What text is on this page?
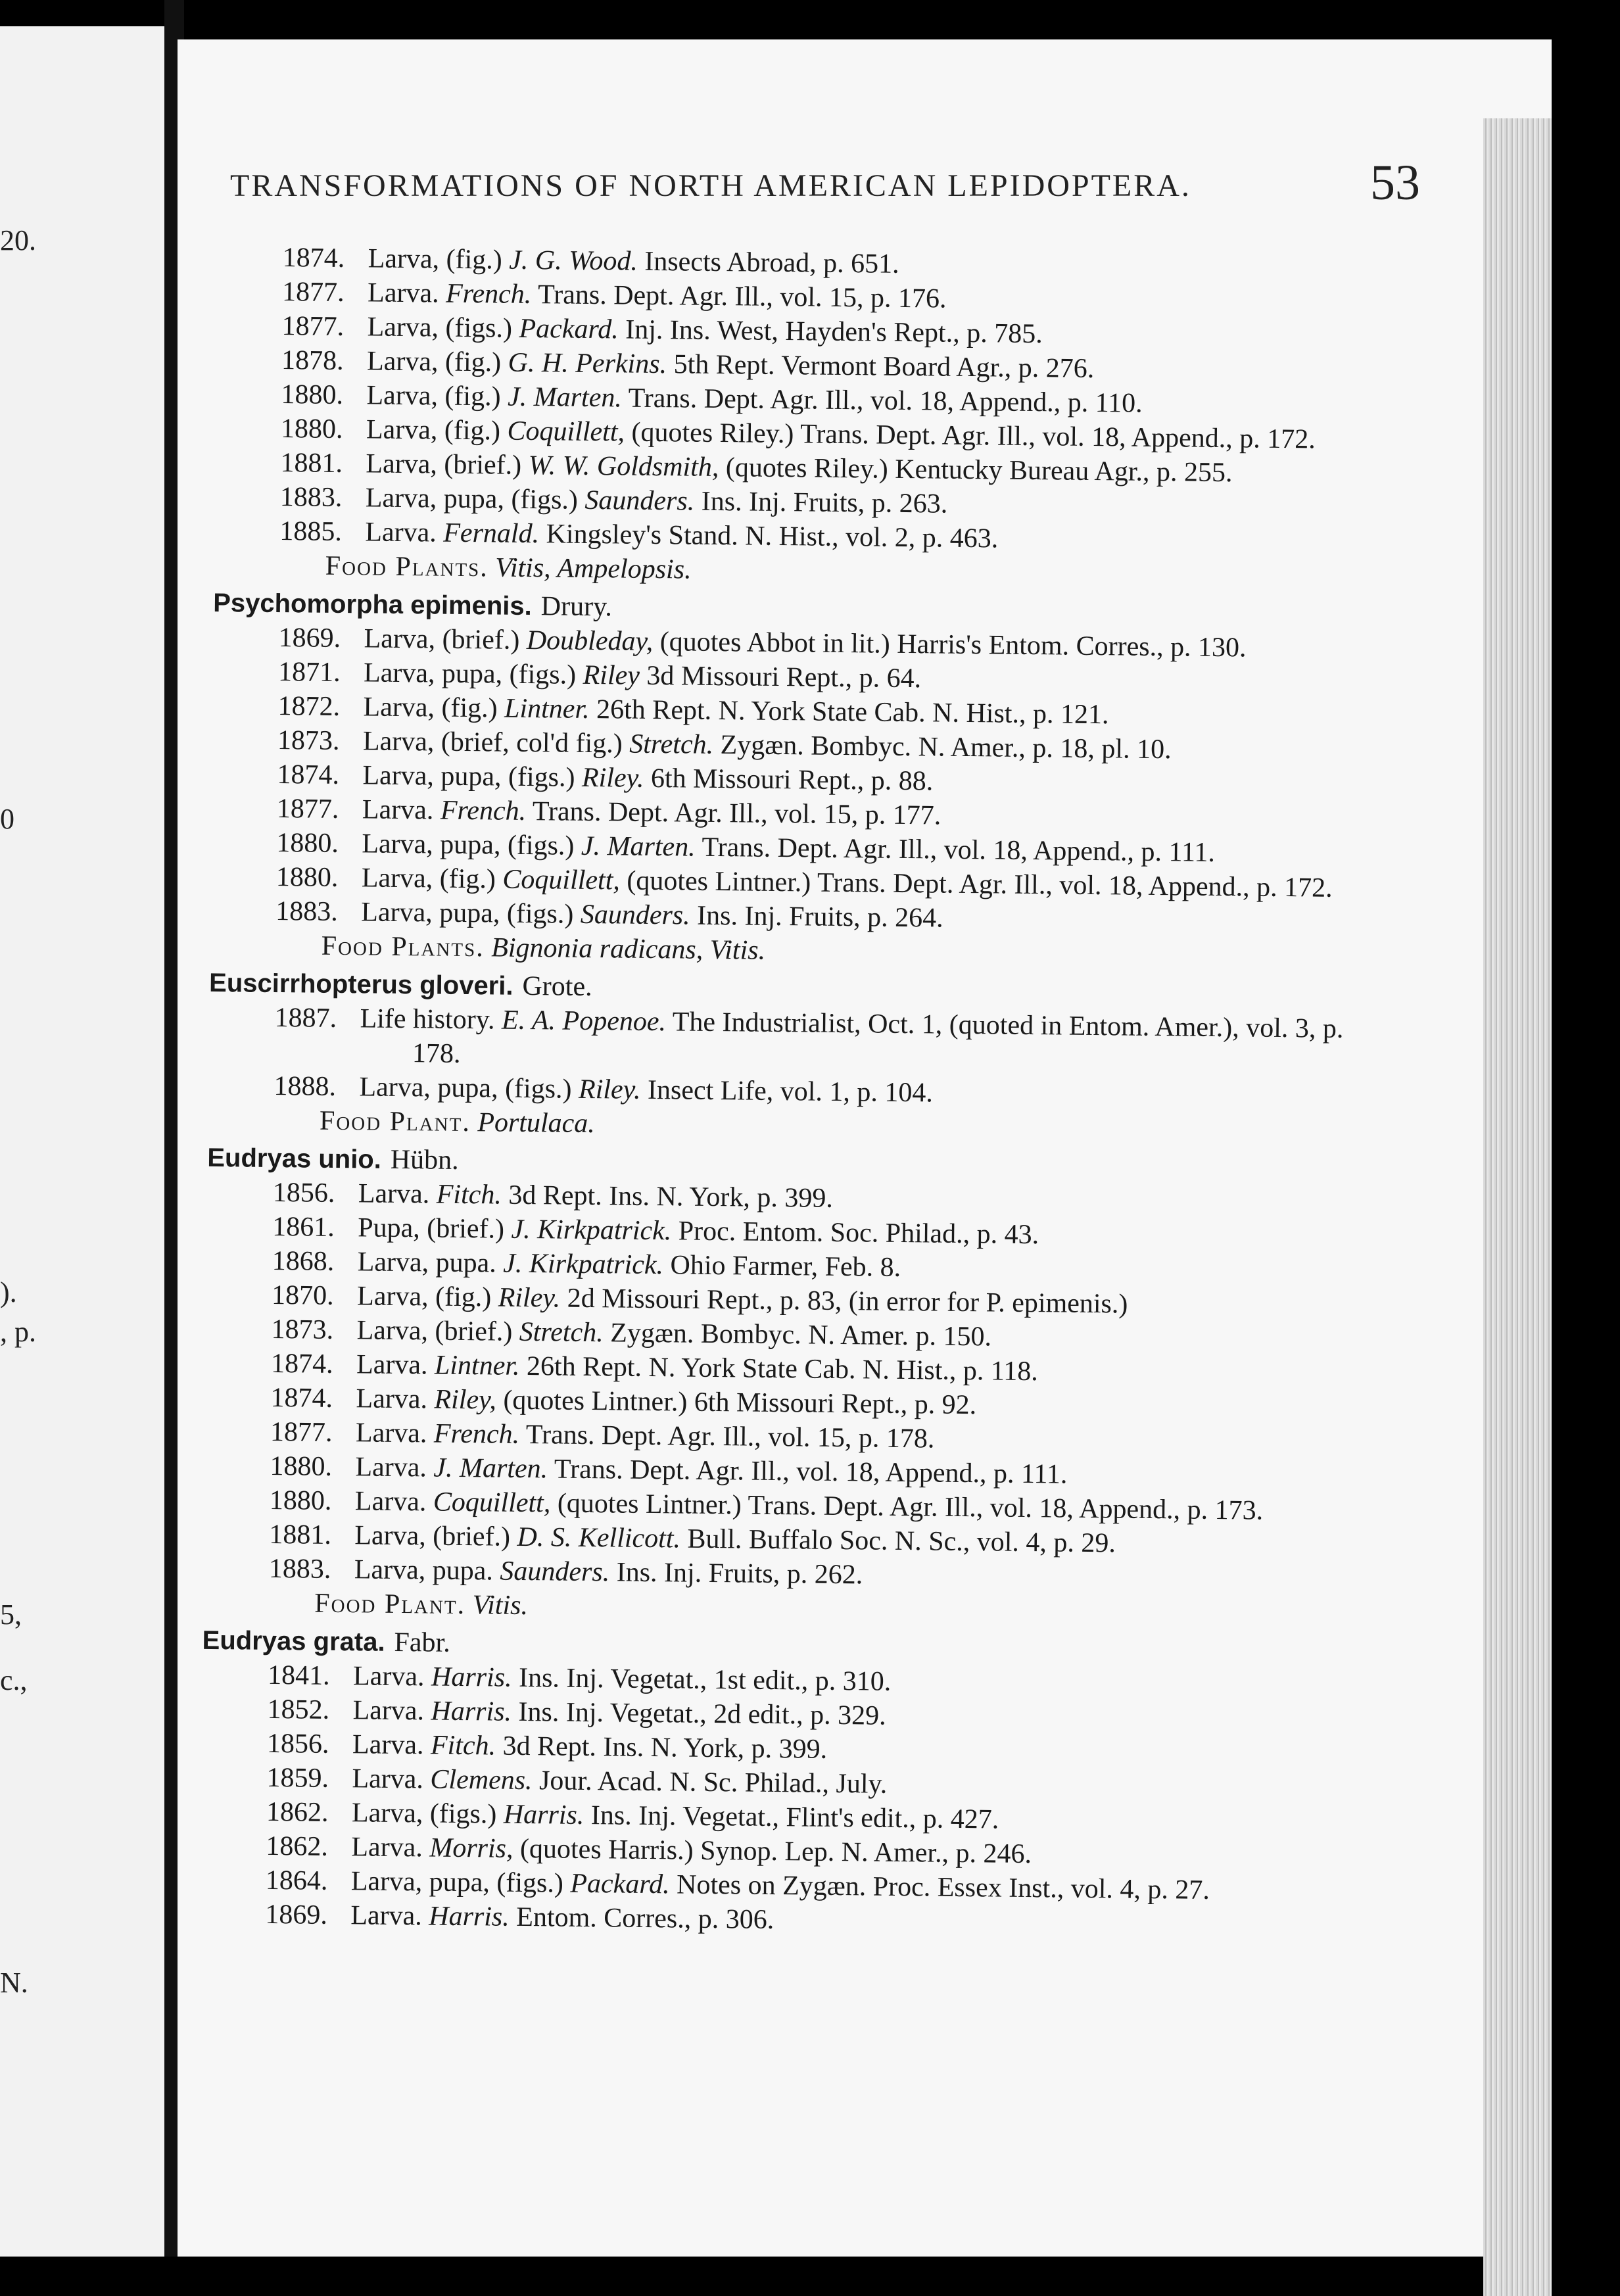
20.
0
).
, p.
5,
c.,
N.
TRANSFORMATIONS OF NORTH AMERICAN LEPIDOPTERA.	53
1874. Larva, (fig.) J. G. Wood. Insects Abroad, p. 651.
1877. Larva. French. Trans. Dept. Agr. Ill., vol. 15, p. 176.
1877. Larva, (figs.) Packard. Inj. Ins. West, Hayden's Rept., p. 785.
1878. Larva, (fig.) G. H. Perkins. 5th Rept. Vermont Board Agr., p. 276.
1880. Larva, (fig.) J. Marten. Trans. Dept. Agr. Ill., vol. 18, Append., p. 110.
1880. Larva, (fig.) Coquillett, (quotes Riley.) Trans. Dept. Agr. Ill., vol. 18, Append., p. 172.
1881. Larva, (brief.) W. W. Goldsmith, (quotes Riley.) Kentucky Bureau Agr., p. 255.
1883. Larva, pupa, (figs.) Saunders. Ins. Inj. Fruits, p. 263.
1885. Larva. Fernald. Kingsley's Stand. N. Hist., vol. 2, p. 463.
Food Plants. Vitis, Ampelopsis.
Psychomorpha epimenis. Drury.
1869. Larva, (brief.) Doubleday, (quotes Abbot in lit.) Harris's Entom. Corres., p. 130.
1871. Larva, pupa, (figs.) Riley 3d Missouri Rept., p. 64.
1872. Larva, (fig.) Lintner. 26th Rept. N. York State Cab. N. Hist., p. 121.
1873. Larva, (brief, col'd fig.) Stretch. Zygæn. Bombyc. N. Amer., p. 18, pl. 10.
1874. Larva, pupa, (figs.) Riley. 6th Missouri Rept., p. 88.
1877. Larva. French. Trans. Dept. Agr. Ill., vol. 15, p. 177.
1880. Larva, pupa, (figs.) J. Marten. Trans. Dept. Agr. Ill., vol. 18, Append., p. 111.
1880. Larva, (fig.) Coquillett, (quotes Lintner.) Trans. Dept. Agr. Ill., vol. 18, Append., p. 172.
1883. Larva, pupa, (figs.) Saunders. Ins. Inj. Fruits, p. 264.
Food Plants. Bignonia radicans, Vitis.
Euscirrhopterus gloveri. Grote.
1887. Life history. E. A. Popenoe. The Industrialist, Oct. 1, (quoted in Entom. Amer.), vol. 3, p. 178.
1888. Larva, pupa, (figs.) Riley. Insect Life, vol. 1, p. 104.
Food Plant. Portulaca.
Eudryas unio. Hübn.
1856. Larva. Fitch. 3d Rept. Ins. N. York, p. 399.
1861. Pupa, (brief.) J. Kirkpatrick. Proc. Entom. Soc. Philad., p. 43.
1868. Larva, pupa. J. Kirkpatrick. Ohio Farmer, Feb. 8.
1870. Larva, (fig.) Riley. 2d Missouri Rept., p. 83, (in error for P. epimenis.)
1873. Larva, (brief.) Stretch. Zygæn. Bombyc. N. Amer. p. 150.
1874. Larva. Lintner. 26th Rept. N. York State Cab. N. Hist., p. 118.
1874. Larva. Riley, (quotes Lintner.) 6th Missouri Rept., p. 92.
1877. Larva. French. Trans. Dept. Agr. Ill., vol. 15, p. 178.
1880. Larva. J. Marten. Trans. Dept. Agr. Ill., vol. 18, Append., p. 111.
1880. Larva. Coquillett, (quotes Lintner.) Trans. Dept. Agr. Ill., vol. 18, Append., p. 173.
1881. Larva, (brief.) D. S. Kellicott. Bull. Buffalo Soc. N. Sc., vol. 4, p. 29.
1883. Larva, pupa. Saunders. Ins. Inj. Fruits, p. 262.
Food Plant. Vitis.
Eudryas grata. Fabr.
1841. Larva. Harris. Ins. Inj. Vegetat., 1st edit., p. 310.
1852. Larva. Harris. Ins. Inj. Vegetat., 2d edit., p. 329.
1856. Larva. Fitch. 3d Rept. Ins. N. York, p. 399.
1859. Larva. Clemens. Jour. Acad. N. Sc. Philad., July.
1862. Larva, (figs.) Harris. Ins. Inj. Vegetat., Flint's edit., p. 427.
1862. Larva. Morris, (quotes Harris.) Synop. Lep. N. Amer., p. 246.
1864. Larva, pupa, (figs.) Packard. Notes on Zygæn. Proc. Essex Inst., vol. 4, p. 27.
1869. Larva. Harris. Entom. Corres., p. 306.
